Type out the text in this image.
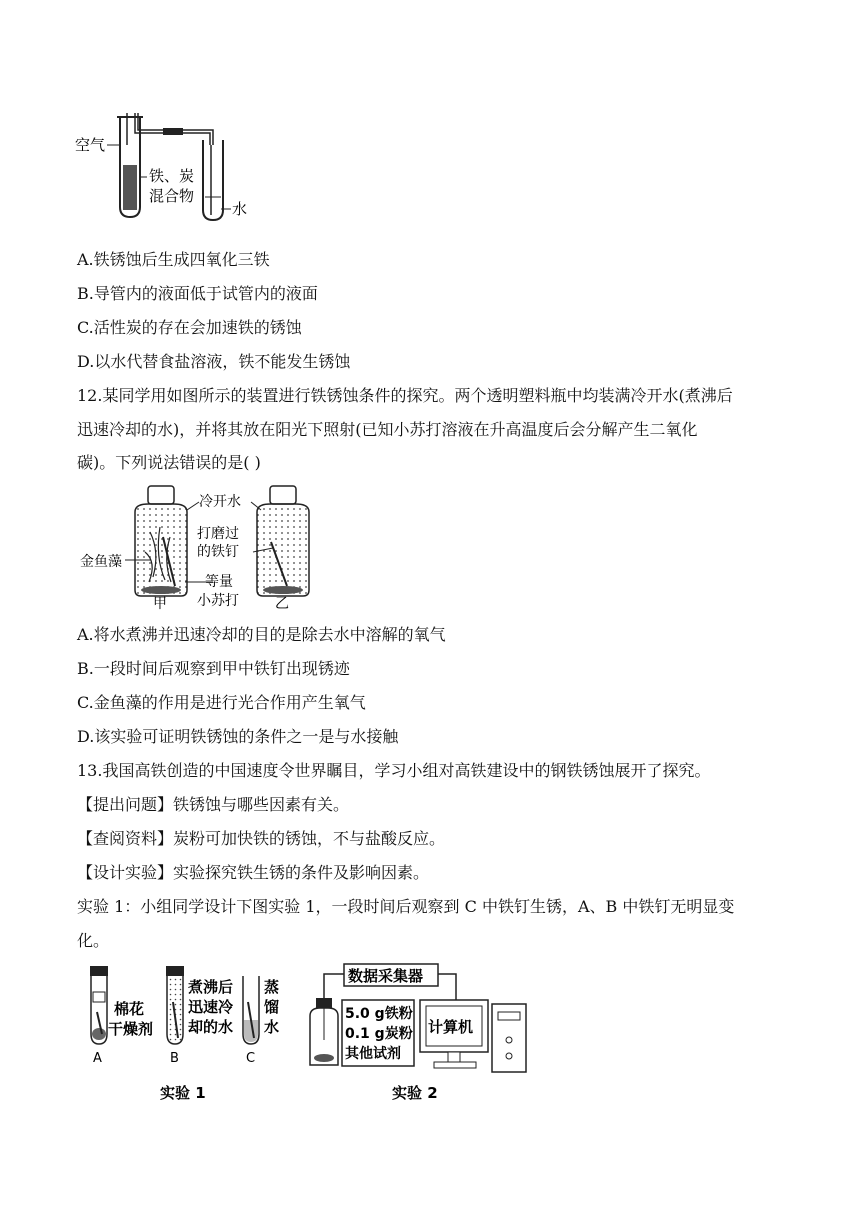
空气
铁、炭
混合物
水
A.铁锈蚀后生成四氧化三铁
B.导管内的液面低于试管内的液面
C.活性炭的存在会加速铁的锈蚀
D.以水代替食盐溶液，铁不能发生锈蚀
12.某同学用如图所示的装置进行铁锈蚀条件的探究。两个透明塑料瓶中均装满冷开水(煮沸后
迅速冷却的水)，并将其放在阳光下照射(已知小苏打溶液在升高温度后会分解产生二氧化
碳)。下列说法错误的是( )
冷开水
打磨过
的铁钉
金鱼藻
等量
小苏打
甲	乙
A.将水煮沸并迅速冷却的目的是除去水中溶解的氧气
B.一段时间后观察到甲中铁钉出现锈迹
C.金鱼藻的作用是进行光合作用产生氧气
D.该实验可证明铁锈蚀的条件之一是与水接触
13.我国高铁创造的中国速度令世界瞩目，学习小组对高铁建设中的钢铁锈蚀展开了探究。
【提出问题】铁锈蚀与哪些因素有关。
【查阅资料】炭粉可加快铁的锈蚀，不与盐酸反应。
【设计实验】实验探究铁生锈的条件及影响因素。
实验 1：小组同学设计下图实验 1，一段时间后观察到 C 中铁钉生锈，A、B 中铁钉无明显变
化。
棉花
干燥剂
煮沸后
迅速冷
却的水
蒸
馏
水
A	B	C
实验 1
数据采集器
5.0 g铁粉
0.1 g炭粉
其他试剂
计算机
实验 2
